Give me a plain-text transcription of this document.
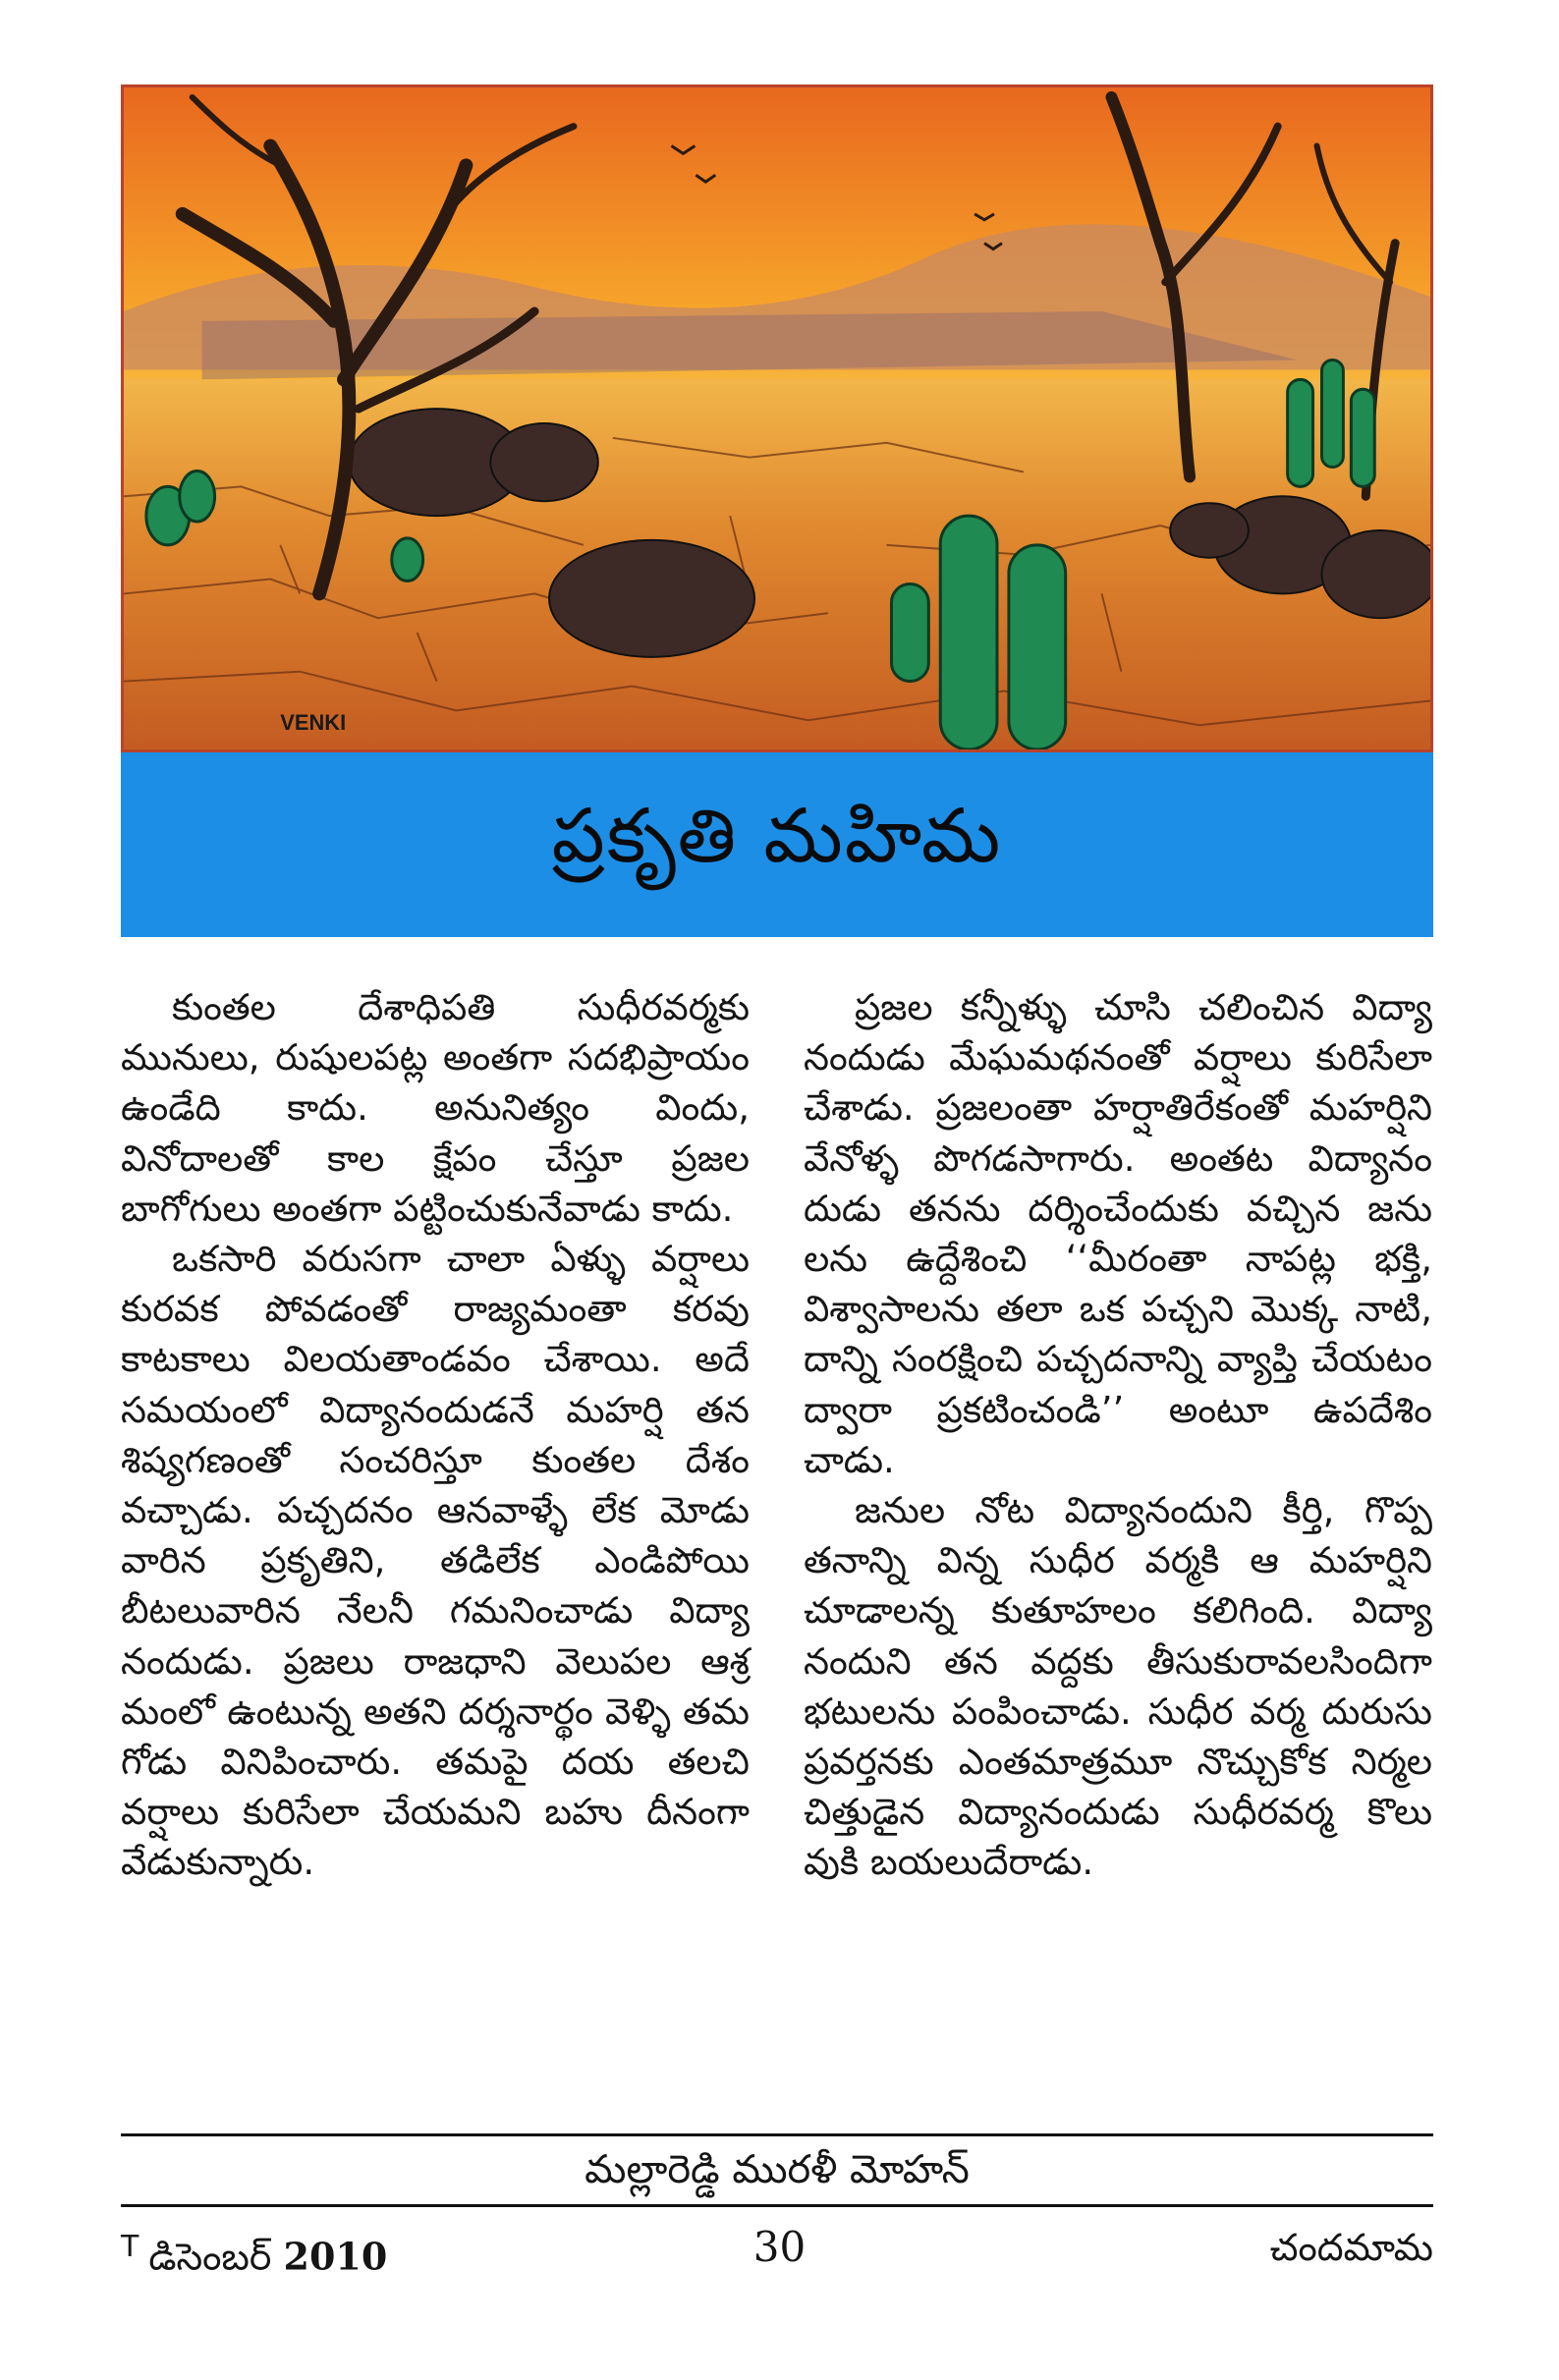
VENKI
ప్రకృతి మహిమ

కుంతల దేశాధిపతి సుధీరవర్మకు మునులు, రుషులపట్ల అంతగా సదభిప్రాయం ఉండేది కాదు. అనునిత్యం విందు, వినోదాలతో కాల క్షేపం చేస్తూ ప్రజల బాగోగులు అంతగా పట్టించుకునేవాడు కాదు.

ఒకసారి వరుసగా చాలా ఏళ్ళు వర్షాలు కురవక పోవడంతో రాజ్యమంతా కరవు కాటకాలు విలయతాండవం చేశాయి. అదే సమయంలో విద్యానందుడనే మహర్షి తన శిష్యగణంతో సంచరిస్తూ కుంతల దేశం వచ్చాడు. పచ్చదనం ఆనవాళ్ళే లేక మోడు వారిన ప్రకృతిని, తడిలేక ఎండిపోయి బీటలువారిన నేలనీ గమనించాడు విద్యా నందుడు. ప్రజలు రాజధాని వెలుపల ఆశ్ర మంలో ఉంటున్న అతని దర్శనార్థం వెళ్ళి తమ గోడు వినిపించారు. తమపై దయ తలచి వర్షాలు కురిసేలా చేయమని బహు దీనంగా వేడుకున్నారు.

ప్రజల కన్నీళ్ళు చూసి చలించిన విద్యా నందుడు మేఘమథనంతో వర్షాలు కురిసేలా చేశాడు. ప్రజలంతా హర్షాతిరేకంతో మహర్షిని వేనోళ్ళ పొగడసాగారు. అంతట విద్యానం దుడు తనను దర్శించేందుకు వచ్చిన జను లను ఉద్దేశించి ‘‘మీరంతా నాపట్ల భక్తి, విశ్వాసాలను తలా ఒక పచ్చని మొక్క నాటి, దాన్ని సంరక్షించి పచ్చదనాన్ని వ్యాప్తి చేయటం ద్వారా ప్రకటించండి’’ అంటూ ఉపదేశిం చాడు.

జనుల నోట విద్యానందుని కీర్తి, గొప్ప తనాన్ని విన్న సుధీర వర్మకి ఆ మహర్షిని చూడాలన్న కుతూహలం కలిగింది. విద్యా నందుని తన వద్దకు తీసుకురావలసిందిగా భటులను పంపించాడు. సుధీర వర్మ దురుసు ప్రవర్తనకు ఎంతమాత్రమూ నొచ్చుకోక నిర్మల చిత్తుడైన విద్యానందుడు సుధీరవర్మ కొలు వుకి బయలుదేరాడు.

మల్లారెడ్డి మురళీ మోహన్
$^T$ డిసెంబర్ 2010	30	చందమామ
